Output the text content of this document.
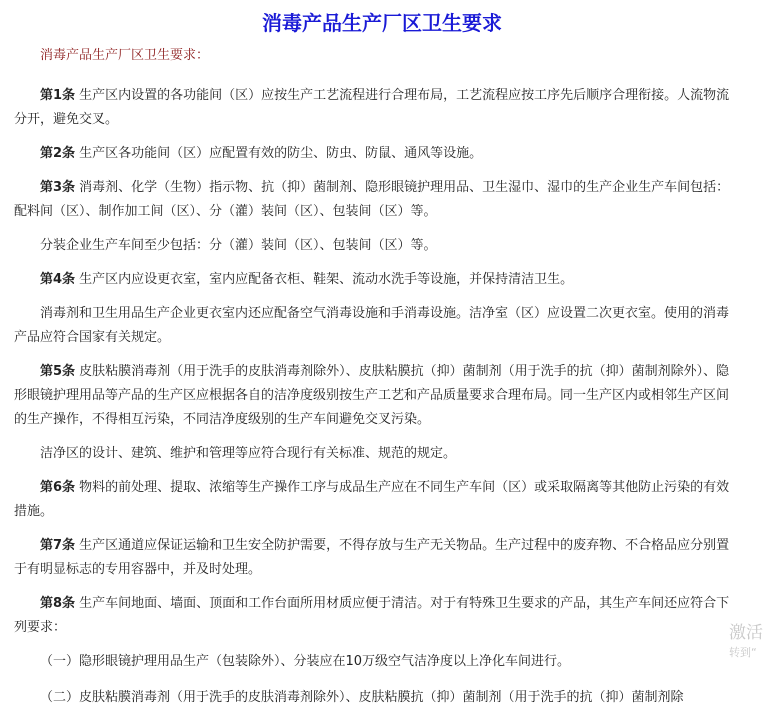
消毒产品生产厂区卫生要求
消毒产品生产厂区卫生要求：
第1条 生产区内设置的各功能间（区）应按生产工艺流程进行合理布局，工艺流程应按工序先后顺序合理衔接。人流物流分开，避免交叉。
第2条 生产区各功能间（区）应配置有效的防尘、防虫、防鼠、通风等设施。
第3条 消毒剂、化学（生物）指示物、抗（抑）菌制剂、隐形眼镜护理用品、卫生湿巾、湿巾的生产企业生产车间包括：配料间（区）、制作加工间（区）、分（灌）装间（区）、包装间（区）等。
分装企业生产车间至少包括：分（灌）装间（区）、包装间（区）等。
第4条 生产区内应设更衣室，室内应配备衣柜、鞋架、流动水洗手等设施，并保持清洁卫生。
消毒剂和卫生用品生产企业更衣室内还应配备空气消毒设施和手消毒设施。洁净室（区）应设置二次更衣室。使用的消毒产品应符合国家有关规定。
第5条 皮肤粘膜消毒剂（用于洗手的皮肤消毒剂除外）、皮肤粘膜抗（抑）菌制剂（用于洗手的抗（抑）菌制剂除外）、隐形眼镜护理用品等产品的生产区应根据各自的洁净度级别按生产工艺和产品质量要求合理布局。同一生产区内或相邻生产区间的生产操作，不得相互污染，不同洁净度级别的生产车间避免交叉污染。
洁净区的设计、建筑、维护和管理等应符合现行有关标准、规范的规定。
第6条 物料的前处理、提取、浓缩等生产操作工序与成品生产应在不同生产车间（区）或采取隔离等其他防止污染的有效措施。
第7条 生产区通道应保证运输和卫生安全防护需要，不得存放与生产无关物品。生产过程中的废弃物、不合格品应分别置于有明显标志的专用容器中，并及时处理。
第8条 生产车间地面、墙面、顶面和工作台面所用材质应便于清洁。对于有特殊卫生要求的产品，其生产车间还应符合下列要求：
（一）隐形眼镜护理用品生产（包装除外）、分装应在10万级空气洁净度以上净化车间进行。
（二）皮肤粘膜消毒剂（用于洗手的皮肤消毒剂除外）、皮肤粘膜抗（抑）菌制剂（用于洗手的抗（抑）菌制剂除
激活
转到“
